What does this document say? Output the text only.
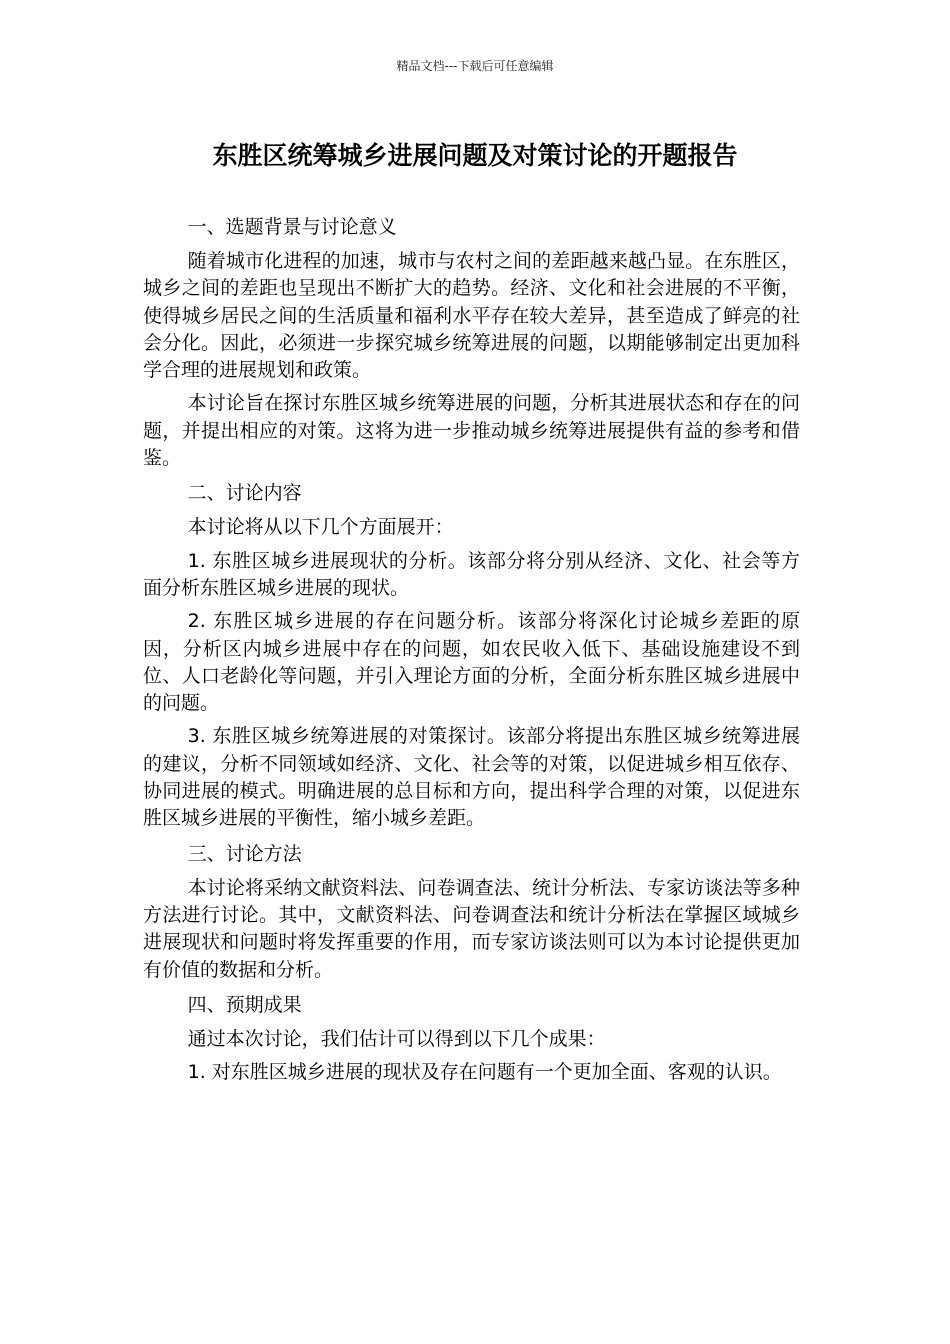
精品文档---下载后可任意编辑
东胜区统筹城乡进展问题及对策讨论的开题报告

一、选题背景与讨论意义

随着城市化进程的加速，城市与农村之间的差距越来越凸显。在东胜区，城乡之间的差距也呈现出不断扩大的趋势。经济、文化和社会进展的不平衡，使得城乡居民之间的生活质量和福利水平存在较大差异，甚至造成了鲜亮的社会分化。因此，必须进一步探究城乡统筹进展的问题，以期能够制定出更加科学合理的进展规划和政策。

本讨论旨在探讨东胜区城乡统筹进展的问题，分析其进展状态和存在的问题，并提出相应的对策。这将为进一步推动城乡统筹进展提供有益的参考和借鉴。

二、讨论内容

本讨论将从以下几个方面展开：

1. 东胜区城乡进展现状的分析。该部分将分别从经济、文化、社会等方面分析东胜区城乡进展的现状。

2. 东胜区城乡进展的存在问题分析。该部分将深化讨论城乡差距的原因，分析区内城乡进展中存在的问题，如农民收入低下、基础设施建设不到位、人口老龄化等问题，并引入理论方面的分析，全面分析东胜区城乡进展中的问题。

3. 东胜区城乡统筹进展的对策探讨。该部分将提出东胜区城乡统筹进展的建议，分析不同领域如经济、文化、社会等的对策，以促进城乡相互依存、协同进展的模式。明确进展的总目标和方向，提出科学合理的对策，以促进东胜区城乡进展的平衡性，缩小城乡差距。

三、讨论方法

本讨论将采纳文献资料法、问卷调查法、统计分析法、专家访谈法等多种方法进行讨论。其中，文献资料法、问卷调查法和统计分析法在掌握区域城乡进展现状和问题时将发挥重要的作用，而专家访谈法则可以为本讨论提供更加有价值的数据和分析。

四、预期成果

通过本次讨论，我们估计可以得到以下几个成果：

1. 对东胜区城乡进展的现状及存在问题有一个更加全面、客观的认识。
